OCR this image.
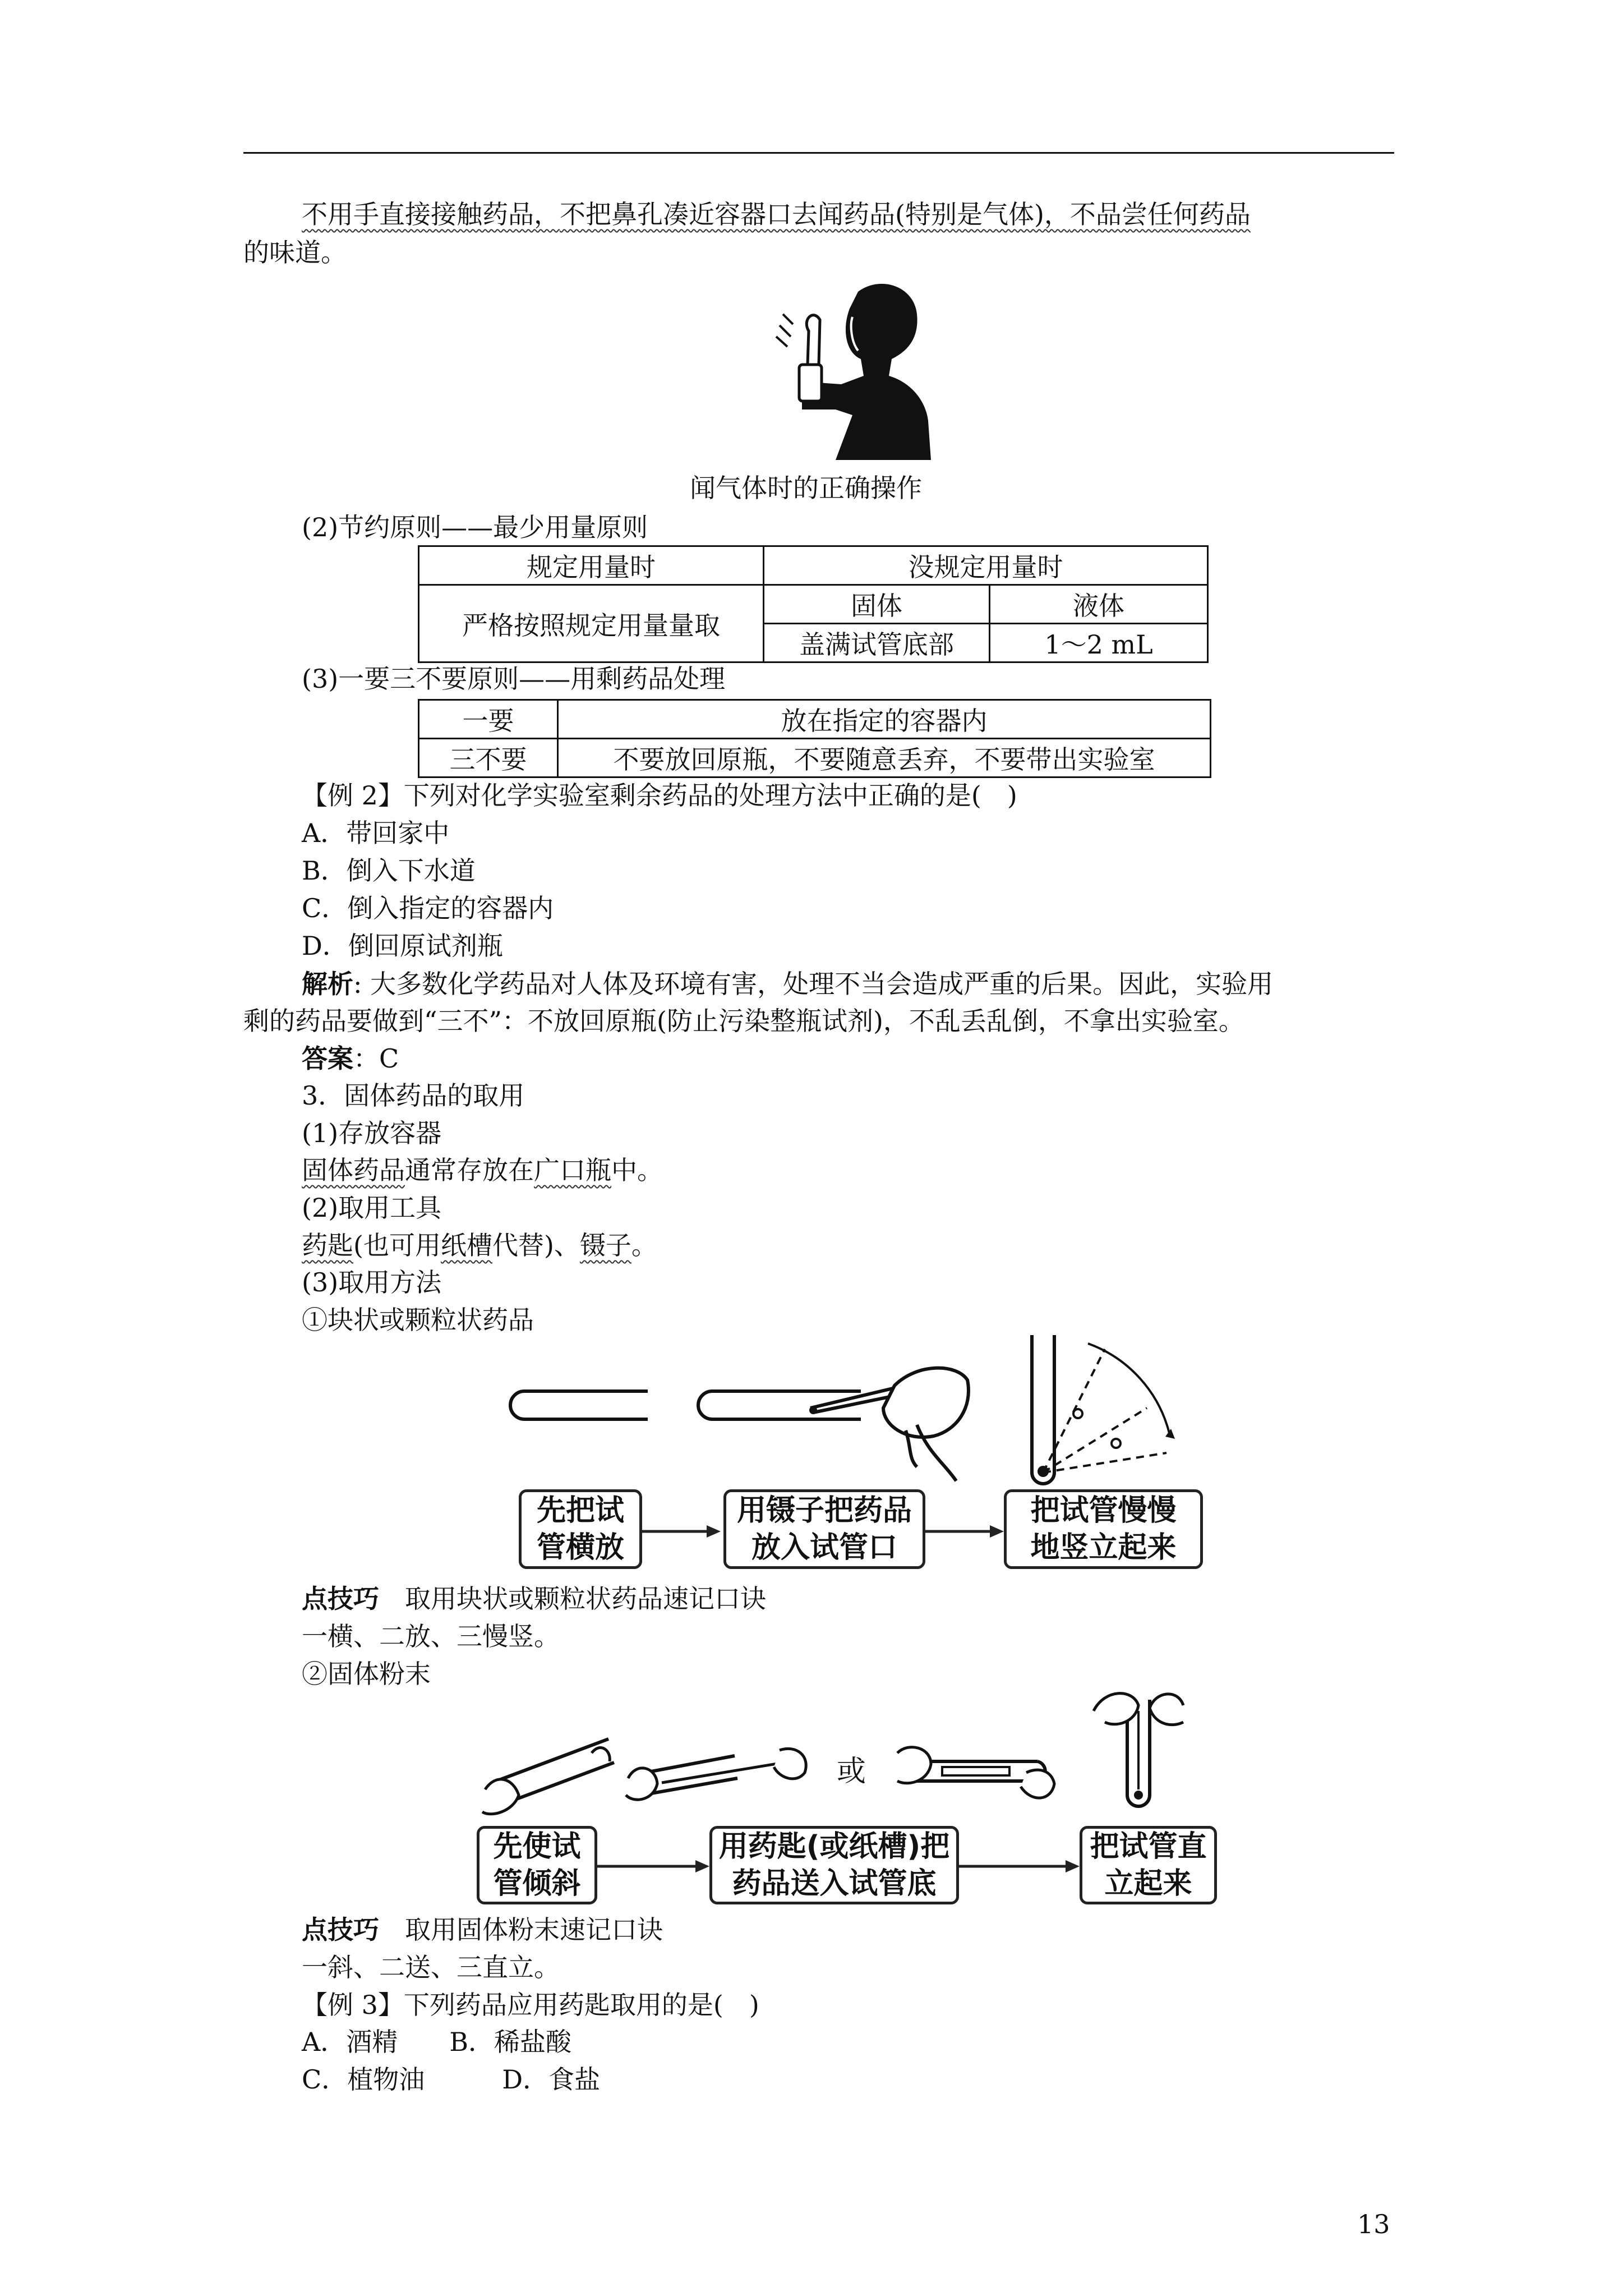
不用手直接接触药品，不把鼻孔凑近容器口去闻药品(特别是气体)，不品尝任何药品
的味道。
闻气体时的正确操作
(2)节约原则——最少用量原则
规定用量时	没规定用量时	
严格按照规定用量量取	固体	液体
	盖满试管底部	1～2 mL
(3)一要三不要原则——用剩药品处理
一要	放在指定的容器内
三不要	不要放回原瓶，不要随意丢弃，不要带出实验室
【例 2】下列对化学实验室剩余药品的处理方法中正确的是(　)
A．带回家中
B．倒入下水道
C．倒入指定的容器内
D．倒回原试剂瓶
解析: 大多数化学药品对人体及环境有害，处理不当会造成严重的后果。因此，实验用
剩的药品要做到“三不”：不放回原瓶(防止污染整瓶试剂)，不乱丢乱倒，不拿出实验室。
答案：C
3．固体药品的取用
(1)存放容器
固体药品通常存放在广口瓶中。
(2)取用工具
药匙(也可用纸槽代替)、镊子。
(3)取用方法
①块状或颗粒状药品
先把试
管横放
用镊子把药品
放入试管口
把试管慢慢
地竖立起来
点技巧　 取用块状或颗粒状药品速记口诀
一横、二放、三慢竖。
②固体粉末
或
先使试
管倾斜
用药匙(或纸槽)把
药品送入试管底
把试管直
立起来
点技巧　 取用固体粉末速记口诀
一斜、二送、三直立。
【例 3】下列药品应用药匙取用的是(　)
A．酒精　　B．稀盐酸
C．植物油　　　D．食盐
13
